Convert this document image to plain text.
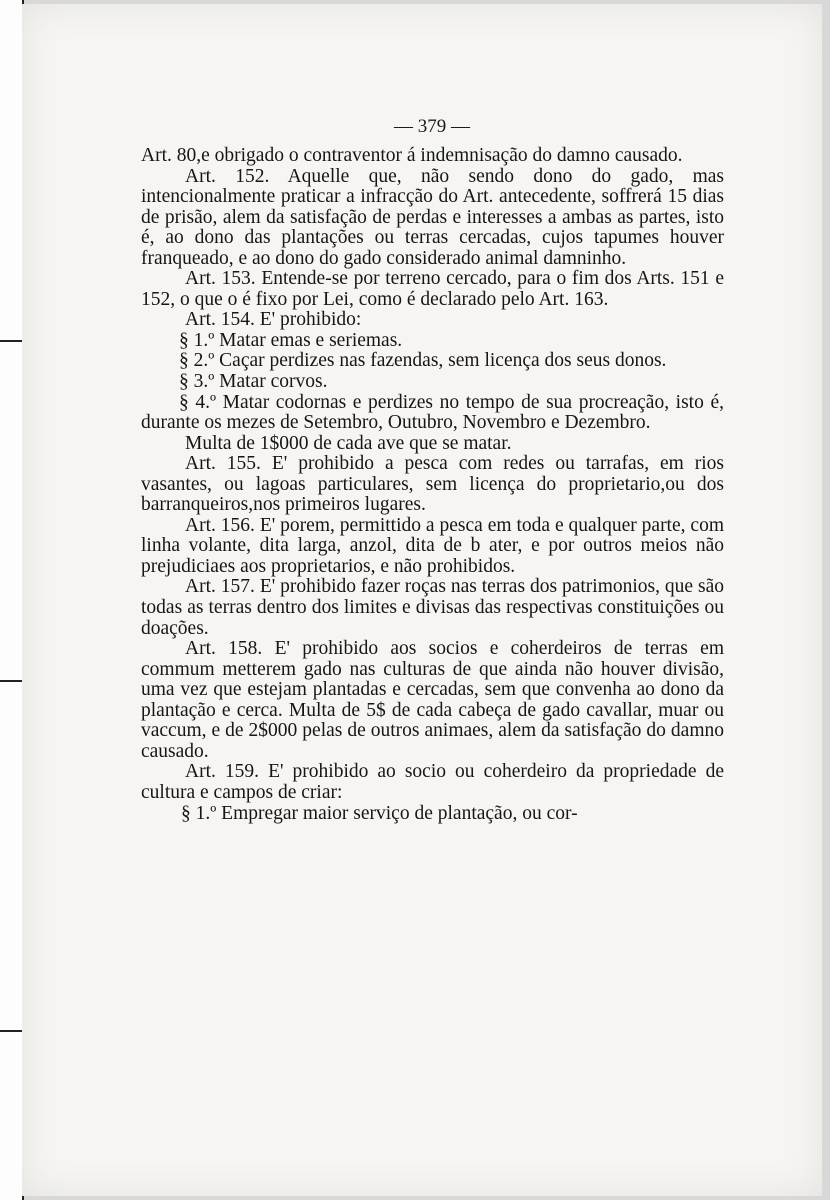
— 379 —

Art. 80,e obrigado o contraventor á indemnisação do damno causado.

Art. 152. Aquelle que, não sendo dono do gado, mas intencionalmente praticar a infracção do Art. antecedente, soffrerá 15 dias de prisão, alem da satisfação de perdas e interesses a ambas as partes, isto é, ao dono das plantações ou terras cercadas, cujos tapumes houver franqueado, e ao dono do gado considerado animal damninho.

Art. 153. Entende-se por terreno cercado, para o fim dos Arts. 151 e 152, o que o é fixo por Lei, como é declarado pelo Art. 163.

Art. 154. E' prohibido:

§ 1.º Matar emas e seriemas.

§ 2.º Caçar perdizes nas fazendas, sem licença dos seus donos.

§ 3.º Matar corvos.

§ 4.º Matar codornas e perdizes no tempo de sua procreação, isto é, durante os mezes de Setembro, Outubro, Novembro e Dezembro.

Multa de 1$000 de cada ave que se matar.

Art. 155. E' prohibido a pesca com redes ou tarrafas, em rios vasantes, ou lagoas particulares, sem licença do proprietario,ou dos barranqueiros,nos primeiros lugares.

Art. 156. E' porem, permittido a pesca em toda e qualquer parte, com linha volante, dita larga, anzol, dita de b ater, e por outros meios não prejudiciaes aos proprietarios, e não prohibidos.

Art. 157. E' prohibido fazer roças nas terras dos patrimonios, que são todas as terras dentro dos limites e divisas das respectivas constituições ou doações.

Art. 158. E' prohibido aos socios e coherdeiros de terras em commum metterem gado nas culturas de que ainda não houver divisão, uma vez que estejam plantadas e cercadas, sem que convenha ao dono da plantação e cerca. Multa de 5$ de cada cabeça de gado cavallar, muar ou vaccum, e de 2$000 pelas de outros animaes, alem da satisfação do damno causado.

Art. 159. E' prohibido ao socio ou coherdeiro da propriedade de cultura e campos de criar:

§ 1.º Empregar maior serviço de plantação, ou cor-
